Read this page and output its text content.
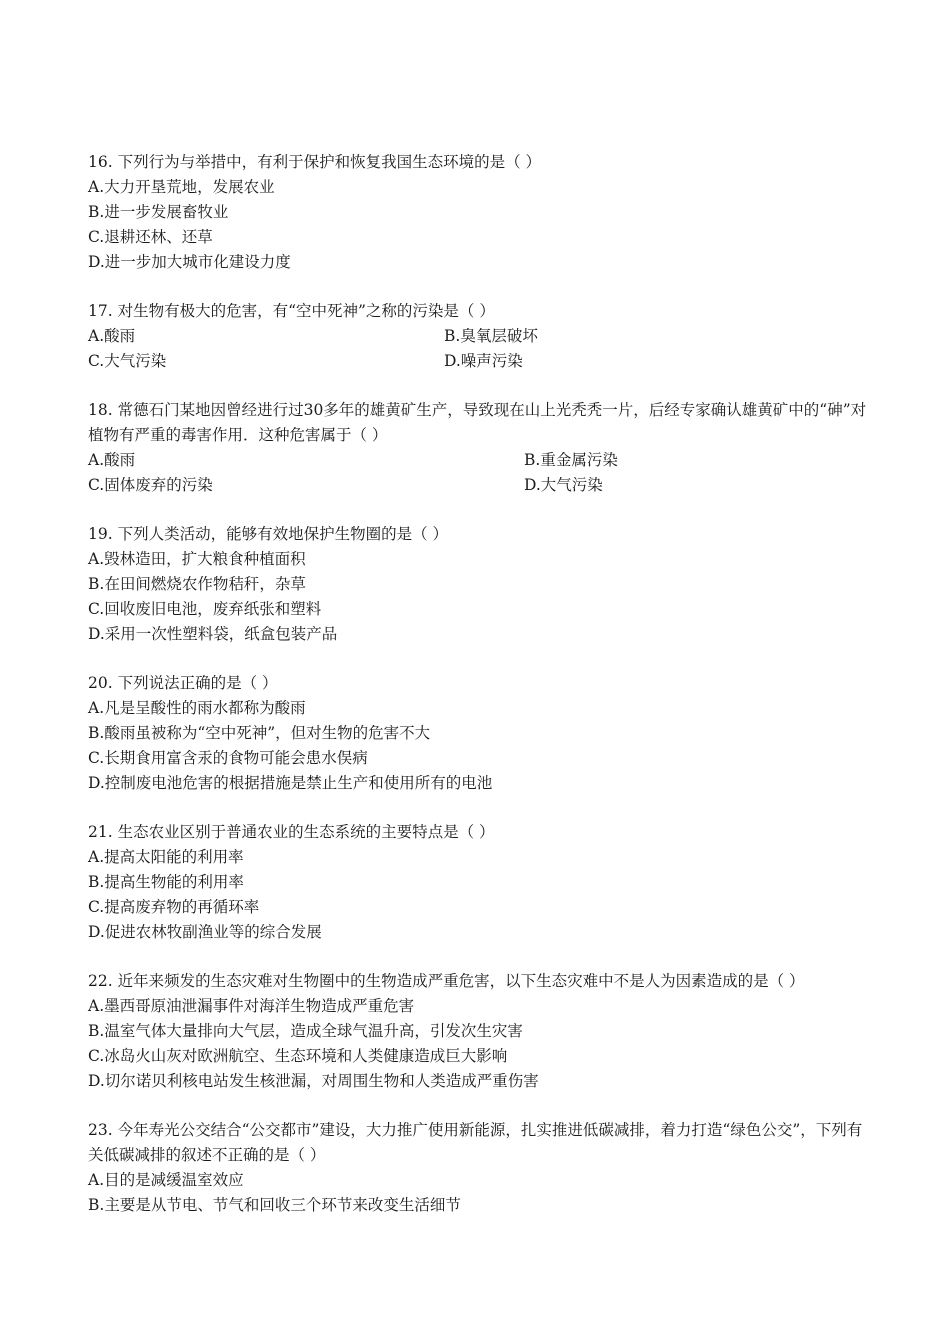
16. 下列行为与举措中，有利于保护和恢复我国生态环境的是（ ）
A.大力开垦荒地，发展农业
B.进一步发展畜牧业
C.退耕还林、还草
D.进一步加大城市化建设力度
17. 对生物有极大的危害，有“空中死神”之称的污染是（ ）
A.酸雨	B.臭氧层破坏
C.大气污染	D.噪声污染
18. 常德石门某地因曾经进行过30多年的雄黄矿生产，导致现在山上光秃秃一片，后经专家确认雄黄矿中的“砷”对植物有严重的毒害作用．这种危害属于（ ）
A.酸雨	B.重金属污染
C.固体废弃的污染	D.大气污染
19. 下列人类活动，能够有效地保护生物圈的是（ ）
A.毁林造田，扩大粮食种植面积
B.在田间燃烧农作物秸秆，杂草
C.回收废旧电池，废弃纸张和塑料
D.采用一次性塑料袋，纸盒包装产品
20. 下列说法正确的是（ ）
A.凡是呈酸性的雨水都称为酸雨
B.酸雨虽被称为“空中死神”，但对生物的危害不大
C.长期食用富含汞的食物可能会患水俣病
D.控制废电池危害的根据措施是禁止生产和使用所有的电池
21. 生态农业区别于普通农业的生态系统的主要特点是（ ）
A.提高太阳能的利用率
B.提高生物能的利用率
C.提高废弃物的再循环率
D.促进农林牧副渔业等的综合发展
22. 近年来频发的生态灾难对生物圈中的生物造成严重危害，以下生态灾难中不是人为因素造成的是（ ）
A.墨西哥原油泄漏事件对海洋生物造成严重危害
B.温室气体大量排向大气层，造成全球气温升高，引发次生灾害
C.冰岛火山灰对欧洲航空、生态环境和人类健康造成巨大影响
D.切尔诺贝利核电站发生核泄漏，对周围生物和人类造成严重伤害
23. 今年寿光公交结合“公交都市”建设，大力推广使用新能源，扎实推进低碳减排，着力打造“绿色公交”，下列有关低碳减排的叙述不正确的是（ ）
A.目的是减缓温室效应
B.主要是从节电、节气和回收三个环节来改变生活细节
